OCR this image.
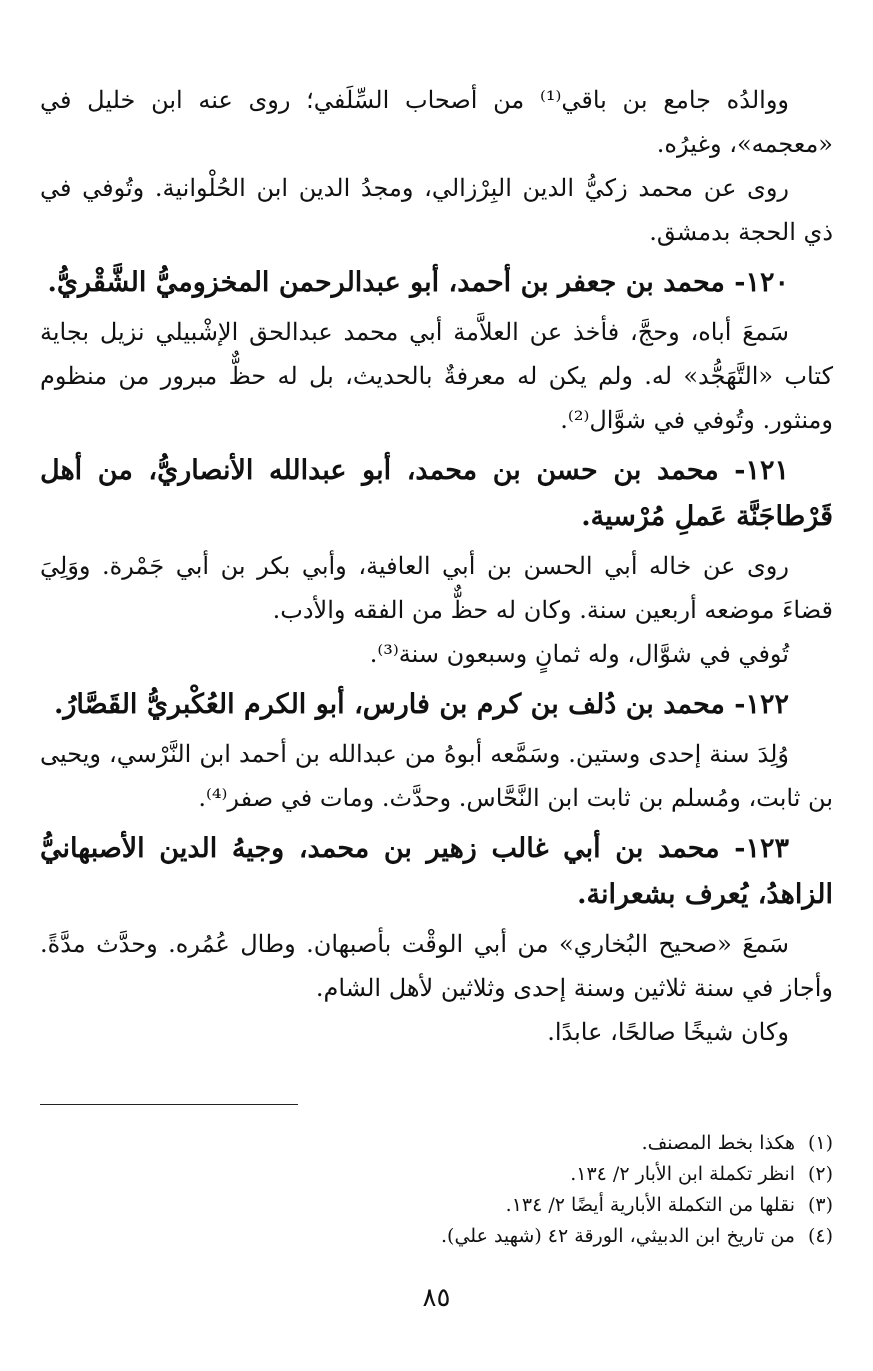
ووالدُه جامع بن باقي⁽¹⁾ من أصحاب السِّلَفي؛ روى عنه ابن خليل في «معجمه»، وغيرُه.

روى عن محمد زكيُّ الدين البِرْزالي، ومجدُ الدين ابن الحُلْوانية. وتُوفي في ذي الحجة بدمشق.

١٢٠- محمد بن جعفر بن أحمد، أبو عبدالرحمن المخزوميُّ الشَّقْريُّ.

سَمعَ أباه، وحجَّ، فأخذ عن العلاَّمة أبي محمد عبدالحق الإشْبيلي نزيل بجاية كتاب «التَّهَجُّد» له. ولم يكن له معرفةٌ بالحديث، بل له حظٌّ مبرور من منظوم ومنثور. وتُوفي في شوَّال⁽²⁾.

١٢١- محمد بن حسن بن محمد، أبو عبدالله الأنصاريُّ، من أهل قَرْطاجَنَّة عَملِ مُرْسية.

روى عن خاله أبي الحسن بن أبي العافية، وأبي بكر بن أبي جَمْرة. ووَلِيَ قضاءَ موضعه أربعين سنة. وكان له حظٌّ من الفقه والأدب.

تُوفي في شوَّال، وله ثمانٍ وسبعون سنة⁽³⁾.

١٢٢- محمد بن دُلف بن كرم بن فارس، أبو الكرم العُكْبريُّ القَصَّارُ.

وُلِدَ سنة إحدى وستين. وسَمَّعه أبوهُ من عبدالله بن أحمد ابن النَّرْسي، ويحيى بن ثابت، ومُسلم بن ثابت ابن النَّحَّاس. وحدَّث. ومات في صفر⁽⁴⁾.

١٢٣- محمد بن أبي غالب زهير بن محمد، وجيهُ الدين الأصبهانيُّ الزاهدُ، يُعرف بشعرانة.

سَمعَ «صحيح البُخاري» من أبي الوقْت بأصبهان. وطال عُمُره. وحدَّث مدَّةً. وأجاز في سنة ثلاثين وسنة إحدى وثلاثين لأهل الشام.

وكان شيخًا صالحًا، عابدًا.

(١)هكذا بخط المصنف.

(٢)انظر تكملة ابن الأبار ٢/ ١٣٤.

(٣)نقلها من التكملة الأبارية أيضًا ٢/ ١٣٤.

(٤)من تاريخ ابن الدبيثي، الورقة ٤٢ (شهيد علي).

٨٥
